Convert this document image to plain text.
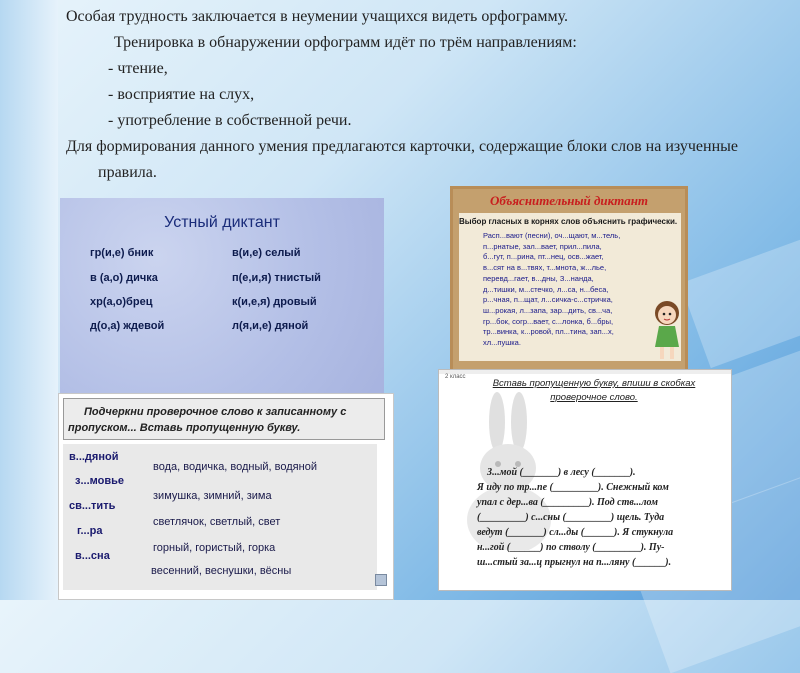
Особая трудность заключается в неумении учащихся видеть орфограмму.

Тренировка в обнаружении орфограмм идёт по трём направлениям:

- чтение,

- восприятие на слух,

- употребление в собственной речи.

Для формирования данного умения предлагаются карточки, содержащие блоки слов на изученные правила.

Устный диктант
гр(и,е) бник
в (а,о) дичка
хр(а,о)брец
д(о,а) ждевой
в(и,е) селый
п(е,и,я) тнистый
к(и,е,я) дровый
л(я,и,е) дяной
Объяснительный диктант
Выбор гласных в корнях слов объяснить графически.
Расп...вают (песни), оч...щают, м...тель,
п...рнатые, зал...вает, прил...пила,
б...гут, п...рина, пт...нец, осв...жает,
в...сят на в...твях, т...мнота, ж...лье,
перевд...гает, в...дны, З...нанда,
д...тишки, м...стечко, л...са, н...беса,
р...чная, п...щат, л...сичка-с...стричка,
ш...рокая, л...запа, зар...дить, св...ча,
гр...бок, согр...вает, с...лонка, б...бры,
тр...винка, к...ровой, пл...тина, зап...х,
хл...пушка.
Подчеркни проверочное слово к записанному с
пропуском... Вставь пропущенную букву.
в...дяной
вода, водичка, водный, водяной
з...мовье
зимушка, зимний, зима
св...тить
светлячок, светлый, свет
г...ра
горный, гористый, горка
в...сна
весенний, веснушки, вёсны
2 класс
Вставь пропущенную букву, впиши в скобках
проверочное слово.
З...мой (_______) в лесу (_______).
Я иду по тр...пе (_________). Снежный ком
упал с дер...ва (_________). Под ств...лом
(_________) с...сны (_________) щель. Туда
ведут (_______) сл...ды (______). Я стукнула
н...гой (______) по стволу (_________). Пу-
ш...стый за...ц прыгнул на п...ляну (______).
